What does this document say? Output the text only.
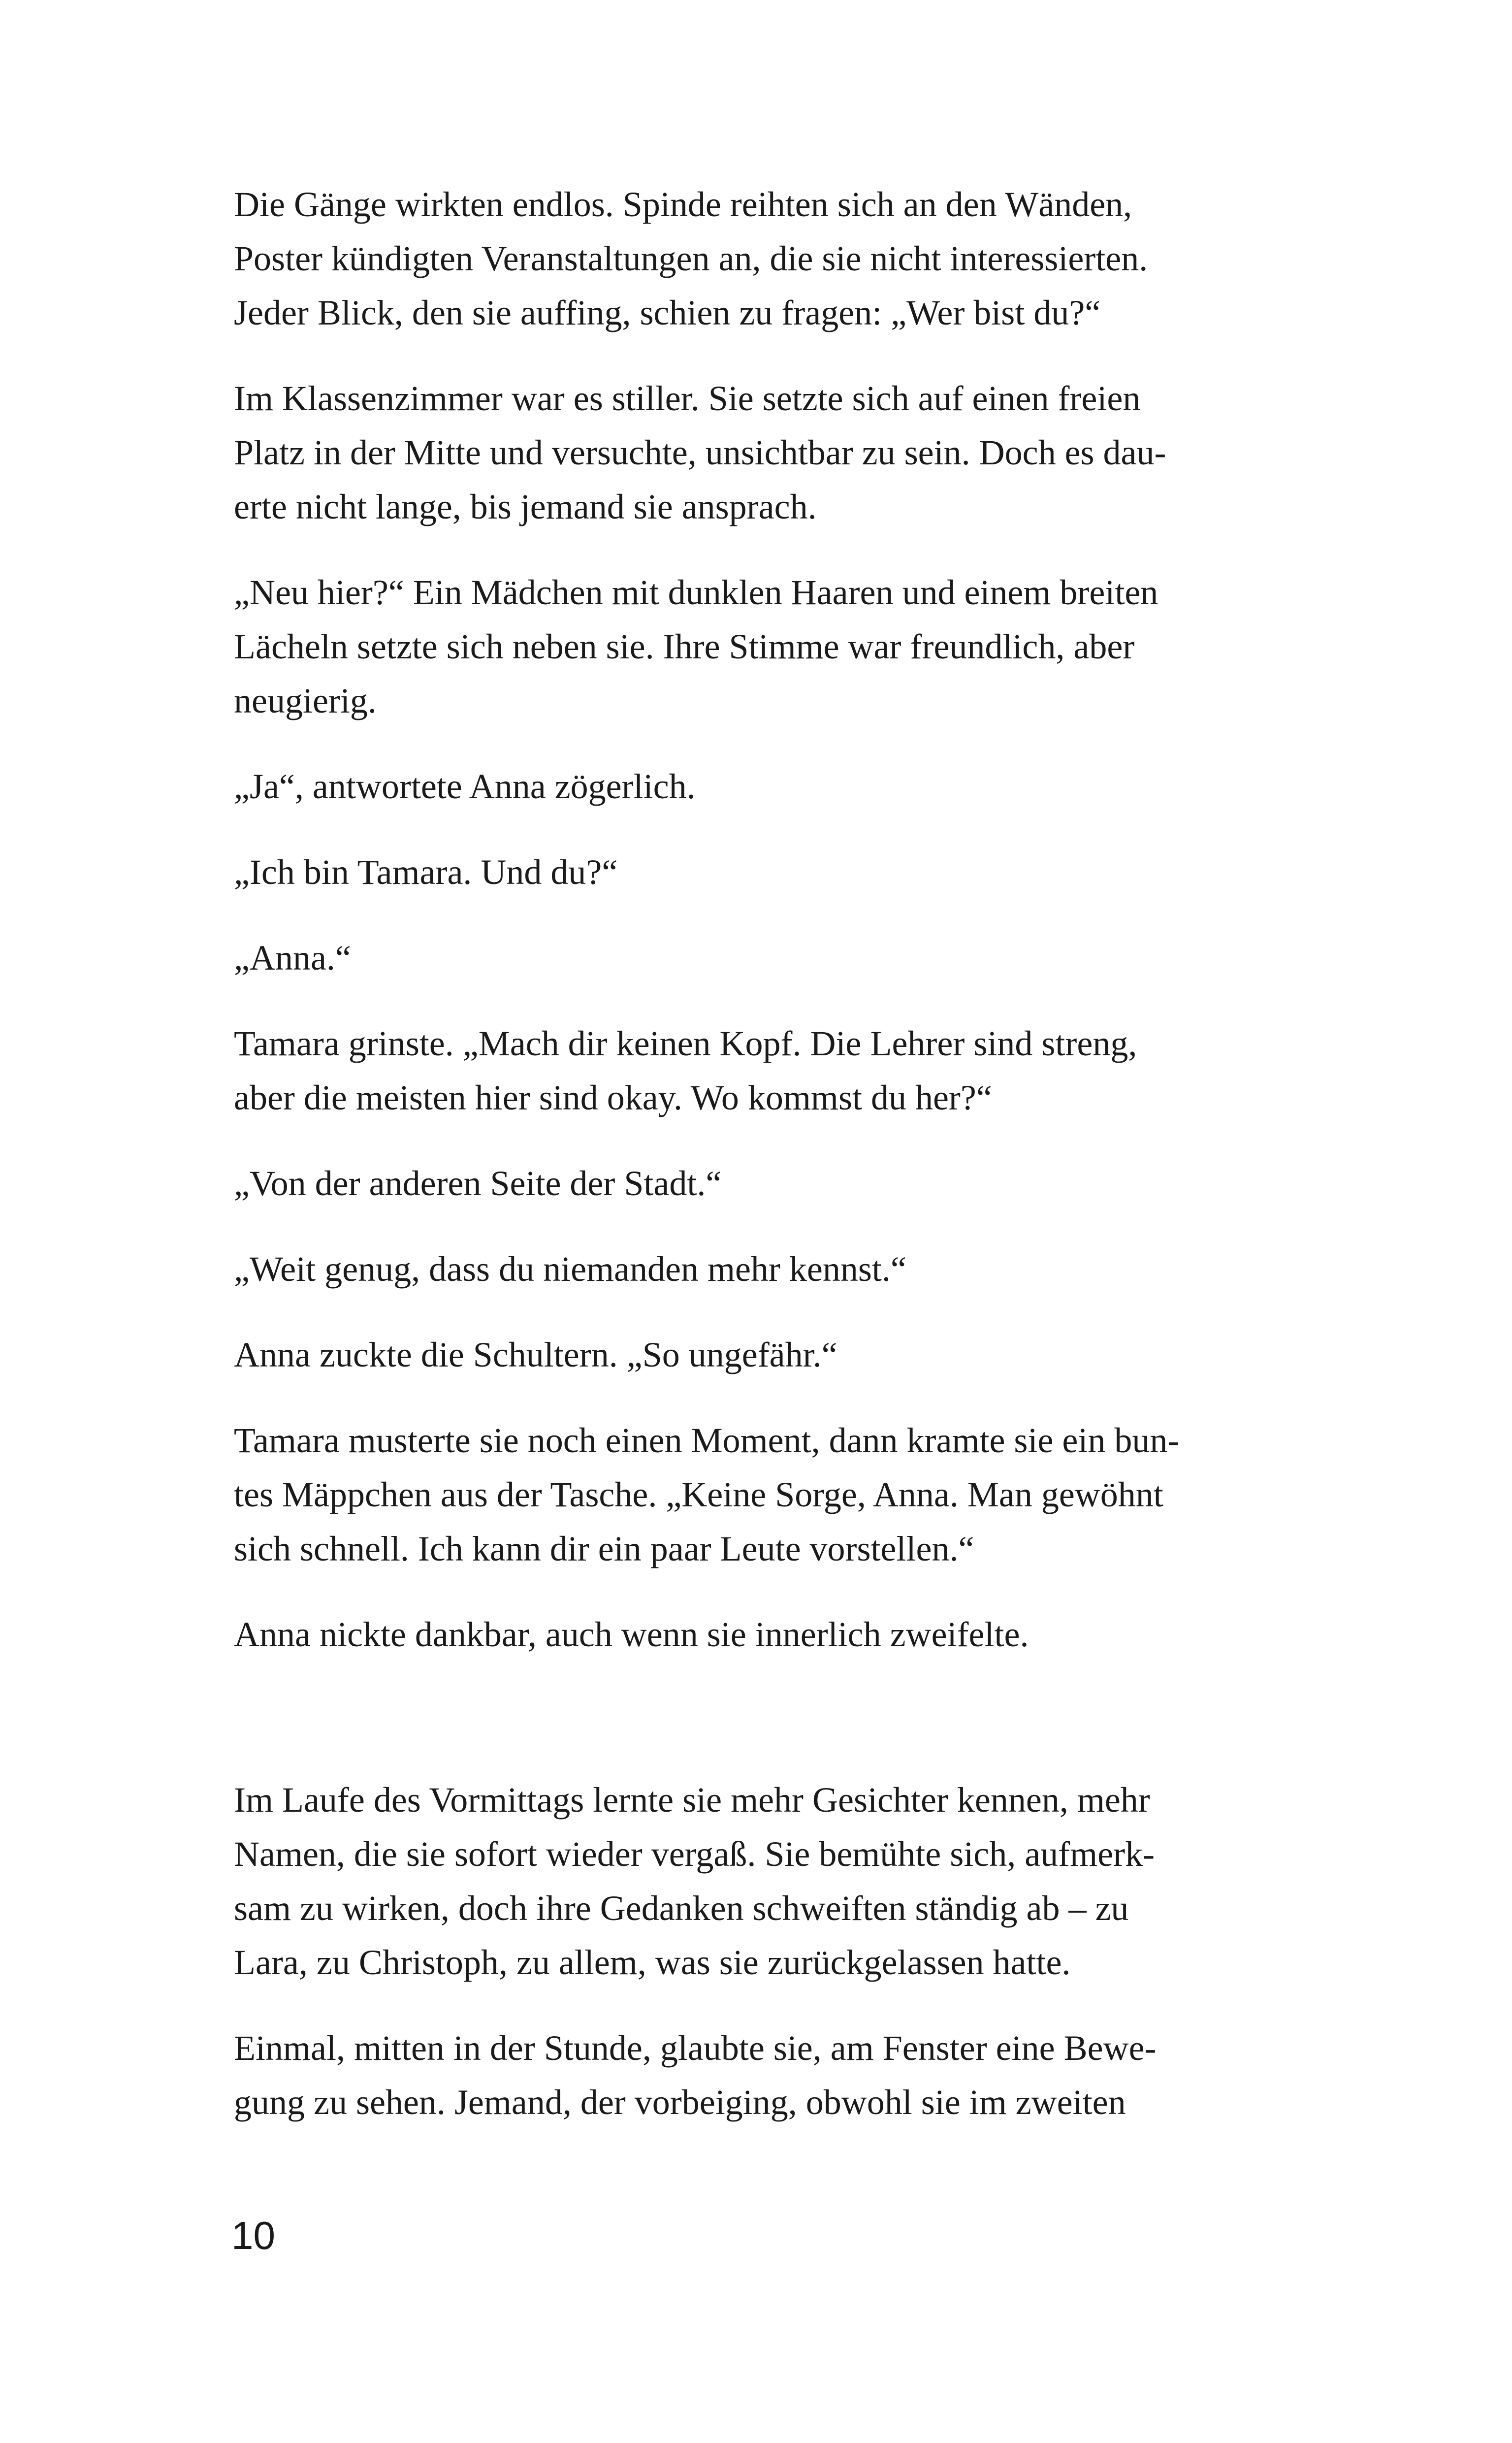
Die Gänge wirkten endlos. Spinde reihten sich an den Wänden,
Poster kündigten Veranstaltungen an, die sie nicht interessierten.
Jeder Blick, den sie auffing, schien zu fragen: „Wer bist du?“

Im Klassenzimmer war es stiller. Sie setzte sich auf einen freien
Platz in der Mitte und versuchte, unsichtbar zu sein. Doch es dau-
erte nicht lange, bis jemand sie ansprach.

„Neu hier?“ Ein Mädchen mit dunklen Haaren und einem breiten
Lächeln setzte sich neben sie. Ihre Stimme war freundlich, aber
neugierig.

„Ja“, antwortete Anna zögerlich.

„Ich bin Tamara. Und du?“

„Anna.“

Tamara grinste. „Mach dir keinen Kopf. Die Lehrer sind streng,
aber die meisten hier sind okay. Wo kommst du her?“

„Von der anderen Seite der Stadt.“

„Weit genug, dass du niemanden mehr kennst.“

Anna zuckte die Schultern. „So ungefähr.“

Tamara musterte sie noch einen Moment, dann kramte sie ein bun-
tes Mäppchen aus der Tasche. „Keine Sorge, Anna. Man gewöhnt
sich schnell. Ich kann dir ein paar Leute vorstellen.“

Anna nickte dankbar, auch wenn sie innerlich zweifelte.

Im Laufe des Vormittags lernte sie mehr Gesichter kennen, mehr
Namen, die sie sofort wieder vergaß. Sie bemühte sich, aufmerk-
sam zu wirken, doch ihre Gedanken schweiften ständig ab – zu
Lara, zu Christoph, zu allem, was sie zurückgelassen hatte.

Einmal, mitten in der Stunde, glaubte sie, am Fenster eine Bewe-
gung zu sehen. Jemand, der vorbeiging, obwohl sie im zweiten

10
